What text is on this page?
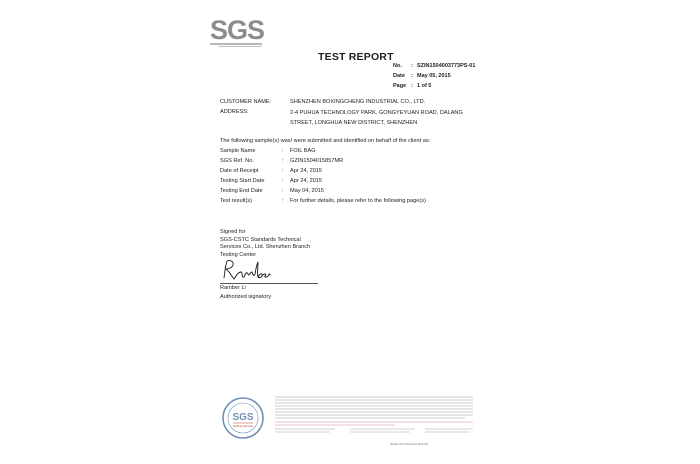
SGS
TEST REPORT
No. : SZIN1504003773PS-01
Date : May 05, 2015
Page : 1 of 5
CUSTOMER NAME:	SHENZHEN BOXINGCHENG INDUSTRIAL CO., LTD.
ADDRESS:	2-4 PUHUA TECHNOLOGY PARK, GONGYEYUAN ROAD, DALANG STREET, LONGHUA NEW DISTRICT, SHENZHEN
The following sample(s) was/ were submitted and identified on behalf of the client as:
Sample Name	: FOIL BAG
SGS Ref. No.	: GZIN1504015857MR
Date of Receipt	: Apr 24, 2015
Testing Start Date	: Apr 24, 2015
Testing End Date	: May 04, 2015
Test result(s)	: For further details, please refer to the following page(s)
Signed for
SGS-CSTC Standards Technical
Services Co., Ltd. Shenzhen Branch
Testing Center
Ramber Li
Authorized signatory
SGS
Testing Service
Member of the SGS Group (SGS SA)
